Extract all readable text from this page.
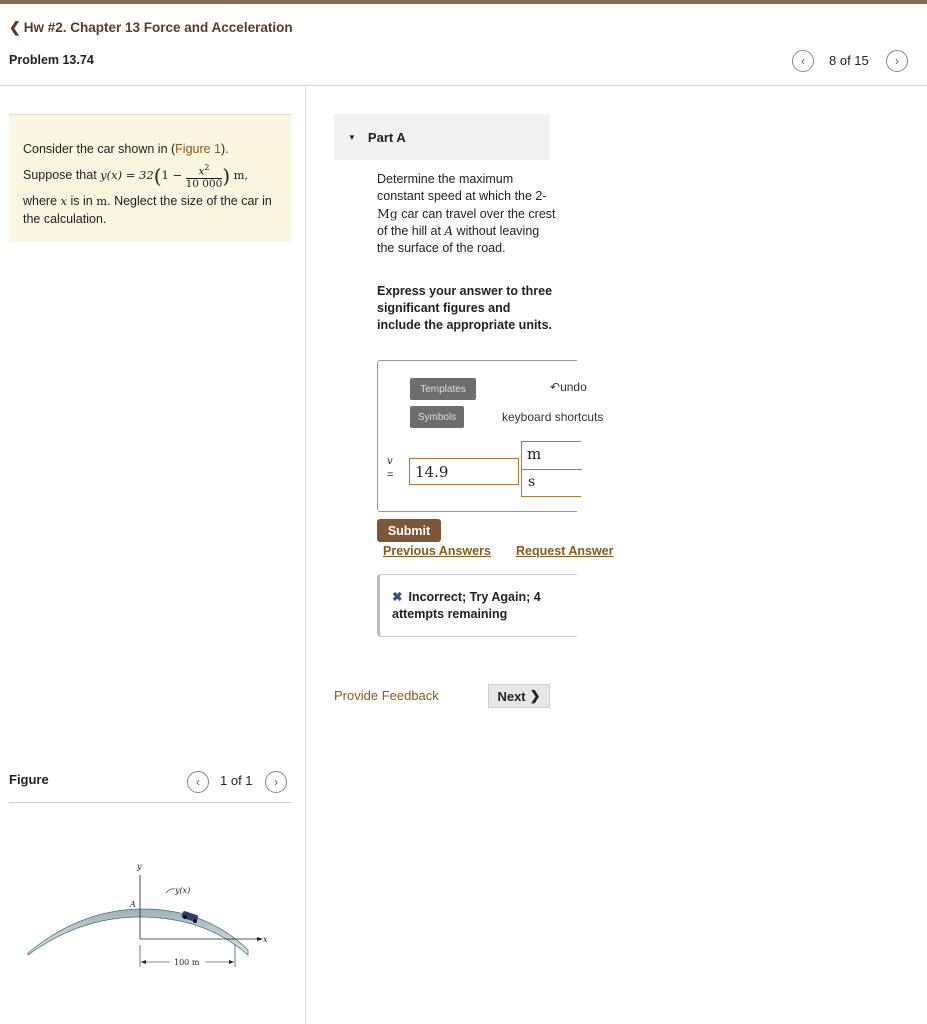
❮ Hw #2. Chapter 13 Force and Acceleration
Problem 13.74	‹ 8 of 15 ›
Consider the car shown in (Figure 1).
Suppose that $y(x) = 32(1 - \frac{x^2}{10 000}$ ) m,
where x is in m. Neglect the size of the car in the calculation.
Figure	‹ 1 of 1 ›
y
x
A
y(x)
100 m
▼ Part A
Determine the maximum constant speed at which the 2-Mg car can travel over the crest of the hill at A without leaving the surface of the road.
Express your answer to three significant figures and include the appropriate units.
Templates
Symbols
↶undo
keyboard shortcuts
v
=
14.9
m
s
Submit
Previous Answers Request Answer
✖ Incorrect; Try Again; 4 attempts remaining
Provide Feedback	Next ❯
